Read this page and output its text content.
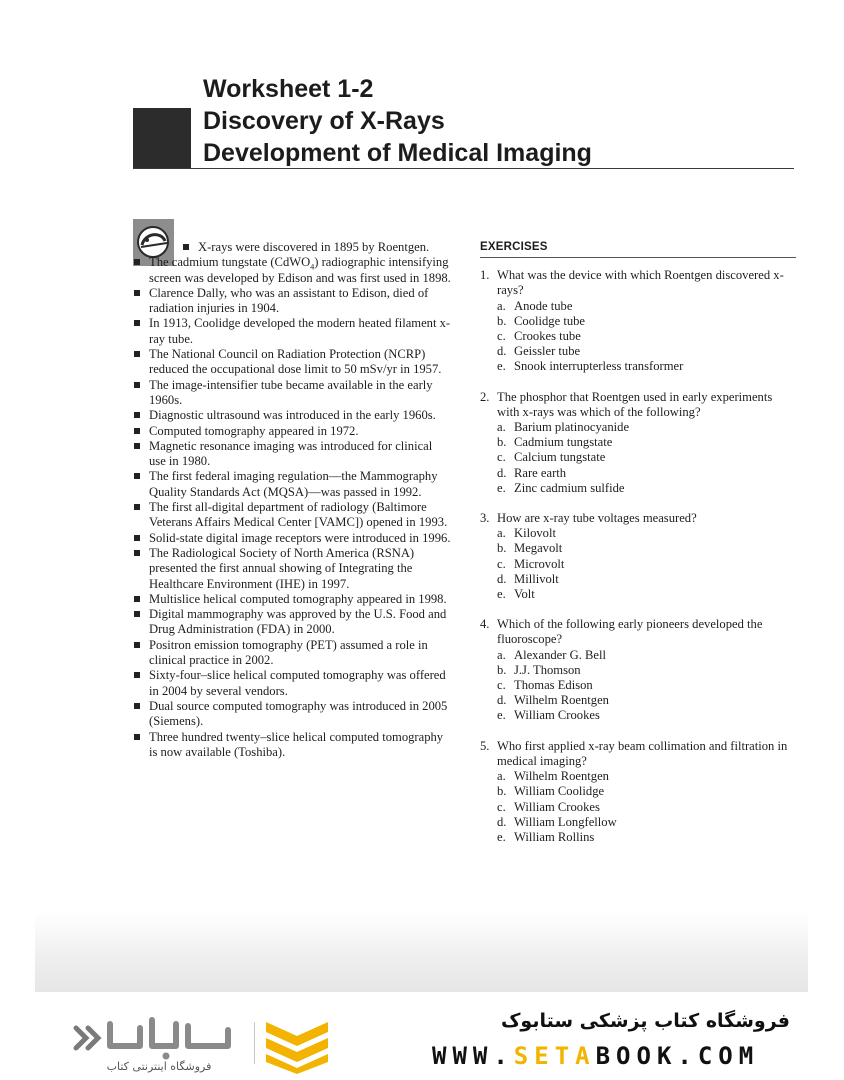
Worksheet 1-2
Discovery of X-Rays
Development of Medical Imaging
X-rays were discovered in 1895 by Roentgen.
The cadmium tungstate (CdWO$_4$) radiographic intensifying screen was developed by Edison and was first used in 1898.
Clarence Dally, who was an assistant to Edison, died of radiation injuries in 1904.
In 1913, Coolidge developed the modern heated filament x-ray tube.
The National Council on Radiation Protection (NCRP) reduced the occupational dose limit to 50 mSv/yr in 1957.
The image-intensifier tube became available in the early 1960s.
Diagnostic ultrasound was introduced in the early 1960s.
Computed tomography appeared in 1972.
Magnetic resonance imaging was introduced for clinical use in 1980.
The first federal imaging regulation—the Mammography Quality Standards Act (MQSA)—was passed in 1992.
The first all-digital department of radiology (Baltimore Veterans Affairs Medical Center [VAMC]) opened in 1993.
Solid-state digital image receptors were introduced in 1996.
The Radiological Society of North America (RSNA) presented the first annual showing of Integrating the Healthcare Environment (IHE) in 1997.
Multislice helical computed tomography appeared in 1998.
Digital mammography was approved by the U.S. Food and Drug Administration (FDA) in 2000.
Positron emission tomography (PET) assumed a role in clinical practice in 2002.
Sixty-four–slice helical computed tomography was offered in 2004 by several vendors.
Dual source computed tomography was introduced in 2005 (Siemens).
Three hundred twenty–slice helical computed tomography is now available (Toshiba).
EXERCISES
1. What was the device with which Roentgen discovered x-rays?
a. Anode tube
b. Coolidge tube
c. Crookes tube
d. Geissler tube
e. Snook interrupterless transformer
2. The phosphor that Roentgen used in early experiments with x-rays was which of the following?
a. Barium platinocyanide
b. Cadmium tungstate
c. Calcium tungstate
d. Rare earth
e. Zinc cadmium sulfide
3. How are x-ray tube voltages measured?
a. Kilovolt
b. Megavolt
c. Microvolt
d. Millivolt
e. Volt
4. Which of the following early pioneers developed the fluoroscope?
a. Alexander G. Bell
b. J.J. Thomson
c. Thomas Edison
d. Wilhelm Roentgen
e. William Crookes
5. Who first applied x-ray beam collimation and filtration in medical imaging?
a. Wilhelm Roentgen
b. William Coolidge
c. William Crookes
d. William Longfellow
e. William Rollins
فروشگاه اینترنتی کتاب
فروشگاه کتاب پزشکی ستابوک
WWW.SETABOOK.COM
